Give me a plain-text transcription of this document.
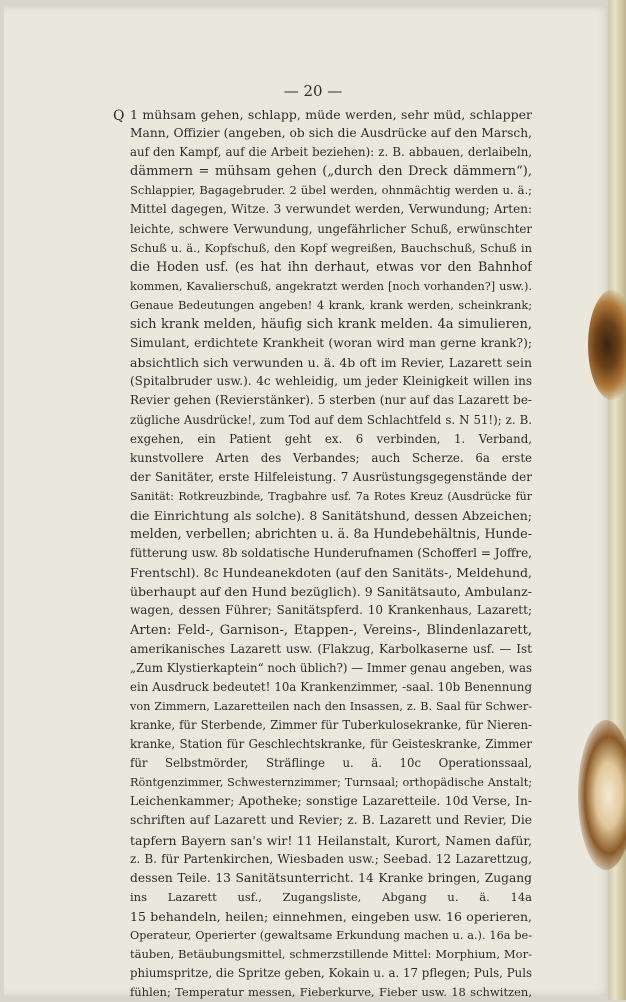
— 20 —
Q 1 mühsam gehen, schlapp, müde werden, sehr müd, schlapper
Mann, Offizier (angeben, ob sich die Ausdrücke auf den Marsch,
auf den Kampf, auf die Arbeit beziehen): z. B. abbauen, derlaibeln,
dämmern = mühsam gehen („durch den Dreck dämmern“),
Schlappier, Bagagebruder. 2 übel werden, ohnmächtig werden u. ä.;
Mittel dagegen, Witze. 3 verwundet werden, Verwundung; Arten:
leichte, schwere Verwundung, ungefährlicher Schuß, erwünschter
Schuß u. ä., Kopfschuß, den Kopf wegreißen, Bauchschuß, Schuß in
die Hoden usf. (es hat ihn derhaut, etwas vor den Bahnhof
kommen, Kavalierschuß, angekratzt werden [noch vorhanden?] usw.).
Genaue Bedeutungen angeben! 4 krank, krank werden, scheinkrank;
sich krank melden, häufig sich krank melden. 4a simulieren,
Simulant, erdichtete Krankheit (woran wird man gerne krank?);
absichtlich sich verwunden u. ä. 4b oft im Revier, Lazarett sein
(Spitalbruder usw.). 4c wehleidig, um jeder Kleinigkeit willen ins
Revier gehen (Revierstänker). 5 sterben (nur auf das Lazarett be-
zügliche Ausdrücke!, zum Tod auf dem Schlachtfeld s. N 51!); z. B.
exgehen, ein Patient geht ex. 6 verbinden, 1. Verband,
kunstvollere Arten des Verbandes; auch Scherze. 6a erste
der Sanitäter, erste Hilfeleistung. 7 Ausrüstungsgegenstände der
Sanität: Rotkreuzbinde, Tragbahre usf. 7a Rotes Kreuz (Ausdrücke für
die Einrichtung als solche). 8 Sanitätshund, dessen Abzeichen;
melden, verbellen; abrichten u. ä. 8a Hundebehältnis, Hunde-
fütterung usw. 8b soldatische Hunderufnamen (Schofferl = Joffre,
Frentschl). 8c Hundeanekdoten (auf den Sanitäts-, Meldehund,
überhaupt auf den Hund bezüglich). 9 Sanitätsauto, Ambulanz-
wagen, dessen Führer; Sanitätspferd. 10 Krankenhaus, Lazarett;
Arten: Feld-, Garnison-, Etappen-, Vereins-, Blindenlazarett,
amerikanisches Lazarett usw. (Flakzug, Karbolkaserne usf. — Ist
„Zum Klystierkaptein“ noch üblich?) — Immer genau angeben, was
ein Ausdruck bedeutet! 10a Krankenzimmer, -saal. 10b Benennung
von Zimmern, Lazaretteilen nach den Insassen, z. B. Saal für Schwer-
kranke, für Sterbende, Zimmer für Tuberkulosekranke, für Nieren-
kranke, Station für Geschlechtskranke, für Geisteskranke, Zimmer
für Selbstmörder, Sträflinge u. ä. 10c Operationssaal,
Röntgenzimmer, Schwesternzimmer; Turnsaal; orthopädische Anstalt;
Leichenkammer; Apotheke; sonstige Lazaretteile. 10d Verse, In-
schriften auf Lazarett und Revier; z. B. Lazarett und Revier, Die
tapfern Bayern san's wir! 11 Heilanstalt, Kurort, Namen dafür,
z. B. für Partenkirchen, Wiesbaden usw.; Seebad. 12 Lazarettzug,
dessen Teile. 13 Sanitätsunterricht. 14 Kranke bringen, Zugang
ins Lazarett usf., Zugangsliste, Abgang u. ä. 14a
15 behandeln, heilen; einnehmen, eingeben usw. 16 operieren,
Operateur, Operierter (gewaltsame Erkundung machen u. a.). 16a be-
täuben, Betäubungsmittel, schmerzstillende Mittel: Morphium, Mor-
phiumspritze, die Spritze geben, Kokain u. a. 17 pflegen; Puls, Puls
fühlen; Temperatur messen, Fieberkurve, Fieber usw. 18 schwitzen,
